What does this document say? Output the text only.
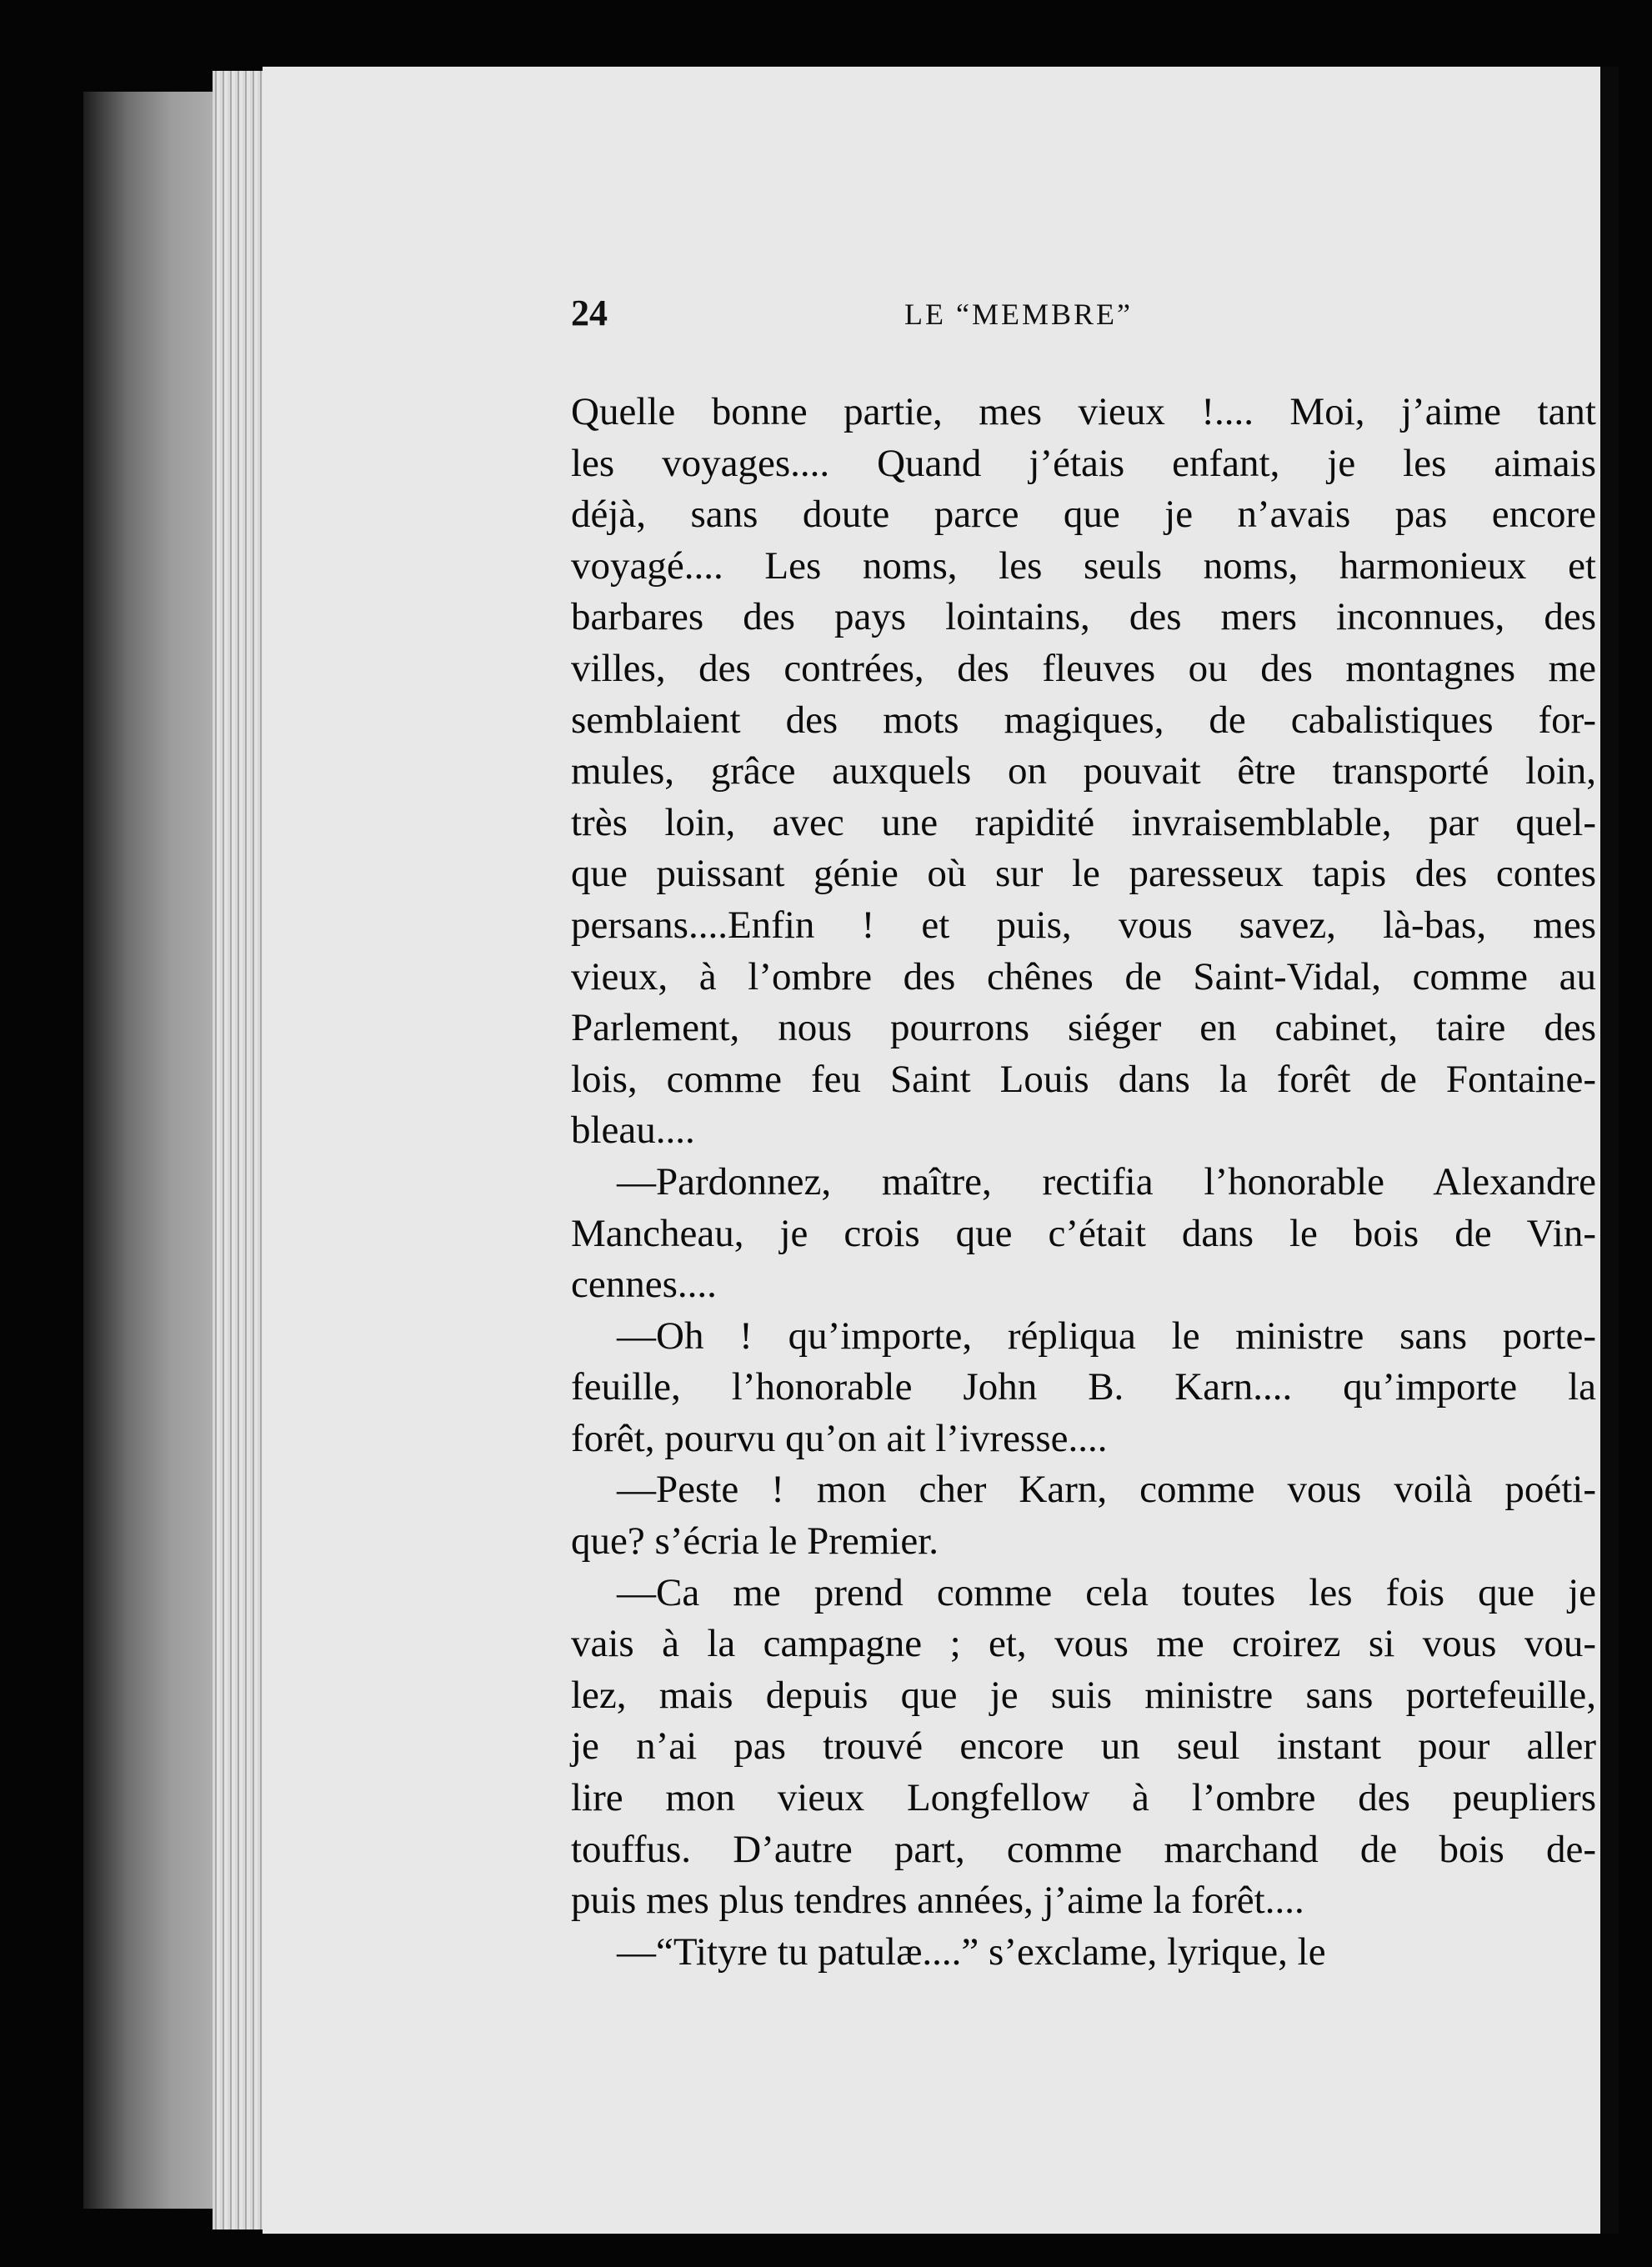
24	LE “MEMBRE”
Quelle bonne partie, mes vieux !.... Moi, j’aime tant
les voyages.... Quand j’étais enfant, je les aimais
déjà, sans doute parce que je n’avais pas encore
voyagé.... Les noms, les seuls noms, harmonieux et
barbares des pays lointains, des mers inconnues, des
villes, des contrées, des fleuves ou des montagnes me
semblaient des mots magiques, de cabalistiques for-
mules, grâce auxquels on pouvait être transporté loin,
très loin, avec une rapidité invraisemblable, par quel-
que puissant génie où sur le paresseux tapis des contes
persans....Enfin ! et puis, vous savez, là-bas, mes
vieux, à l’ombre des chênes de Saint-Vidal, comme au
Parlement, nous pourrons siéger en cabinet, taire des
lois, comme feu Saint Louis dans la forêt de Fontaine-
bleau....
—Pardonnez, maître, rectifia l’honorable Alexandre
Mancheau, je crois que c’était dans le bois de Vin-
cennes....
—Oh ! qu’importe, répliqua le ministre sans porte-
feuille, l’honorable John B. Karn.... qu’importe la
forêt, pourvu qu’on ait l’ivresse....
—Peste ! mon cher Karn, comme vous voilà poéti-
que? s’écria le Premier.
—Ca me prend comme cela toutes les fois que je
vais à la campagne ; et, vous me croirez si vous vou-
lez, mais depuis que je suis ministre sans portefeuille,
je n’ai pas trouvé encore un seul instant pour aller
lire mon vieux Longfellow à l’ombre des peupliers
touffus. D’autre part, comme marchand de bois de-
puis mes plus tendres années, j’aime la forêt....
—“Tityre tu patulæ....” s’exclame, lyrique, le
